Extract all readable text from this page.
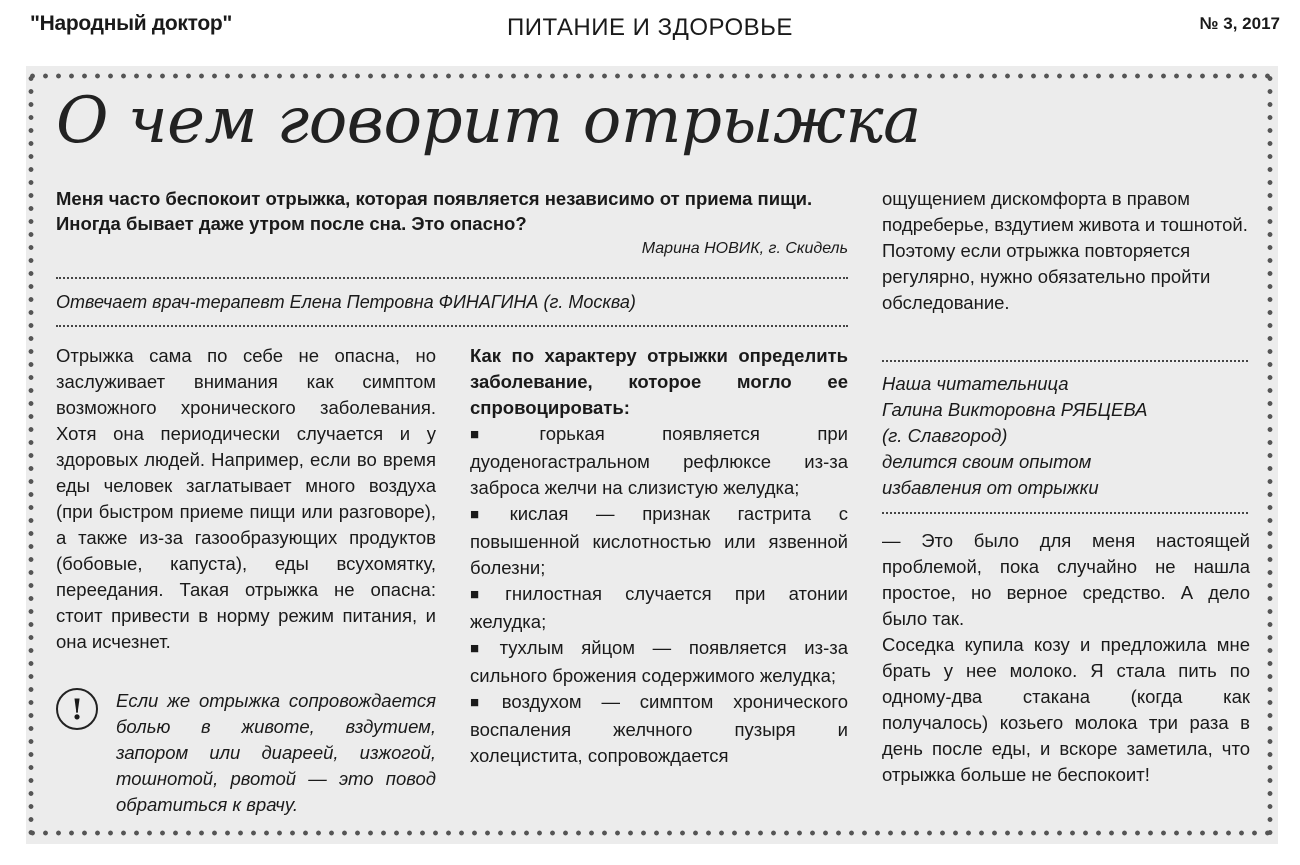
"Народный доктор"	ПИТАНИЕ И ЗДОРОВЬЕ	№ 3, 2017
О чем говорит отрыжка
Меня часто беспокоит отрыжка, которая появляется независимо от приема пищи. Иногда бывает даже утром после сна. Это опасно?
Марина НОВИК, г. Скидель
Отвечает врач-терапевт Елена Петровна ФИНАГИНА (г. Москва)

Отрыжка сама по себе не опасна, но заслуживает внимания как симптом возможного хронического заболевания. Хотя она периодически случается и у здоровых людей. Например, если во время еды человек заглатывает много воздуха (при быстром приеме пищи или разговоре), а также из-за газообразующих продуктов (бобовые, капуста), еды всухомятку, переедания. Такая отрыжка не опасна: стоит привести в норму режим питания, и она исчезнет.

!	Если же отрыжка сопровождается болью в животе, вздутием, запором или диареей, изжогой, тошнотой, рвотой — это повод обратиться к врачу.

Как по характеру отрыжки определить заболевание, которое могло ее спровоцировать:

■ горькая появляется при дуоденогастральном рефлюксе из-за заброса желчи на слизистую желудка;

■ кислая — признак гастрита с повышенной кислотностью или язвенной болезни;

■ гнилостная случается при атонии желудка;

■ тухлым яйцом — появляется из-за сильного брожения содержимого желудка;

■ воздухом — симптом хронического воспаления желчного пузыря и холецистита, сопровождается

ощущением дискомфорта в правом подреберье, вздутием живота и тошнотой.

Поэтому если отрыжка повторяется регулярно, нужно обязательно пройти обследование.

Наша читательница

Галина Викторовна РЯБЦЕВА

(г. Славгород)

делится своим опытом

избавления от отрыжки

— Это было для меня настоящей проблемой, пока случайно не нашла простое, но верное средство. А дело было так.

Соседка купила козу и предложила мне брать у нее молоко. Я стала пить по одному-два стакана (когда как получалось) козьего молока три раза в день после еды, и вскоре заметила, что отрыжка больше не беспокоит!
